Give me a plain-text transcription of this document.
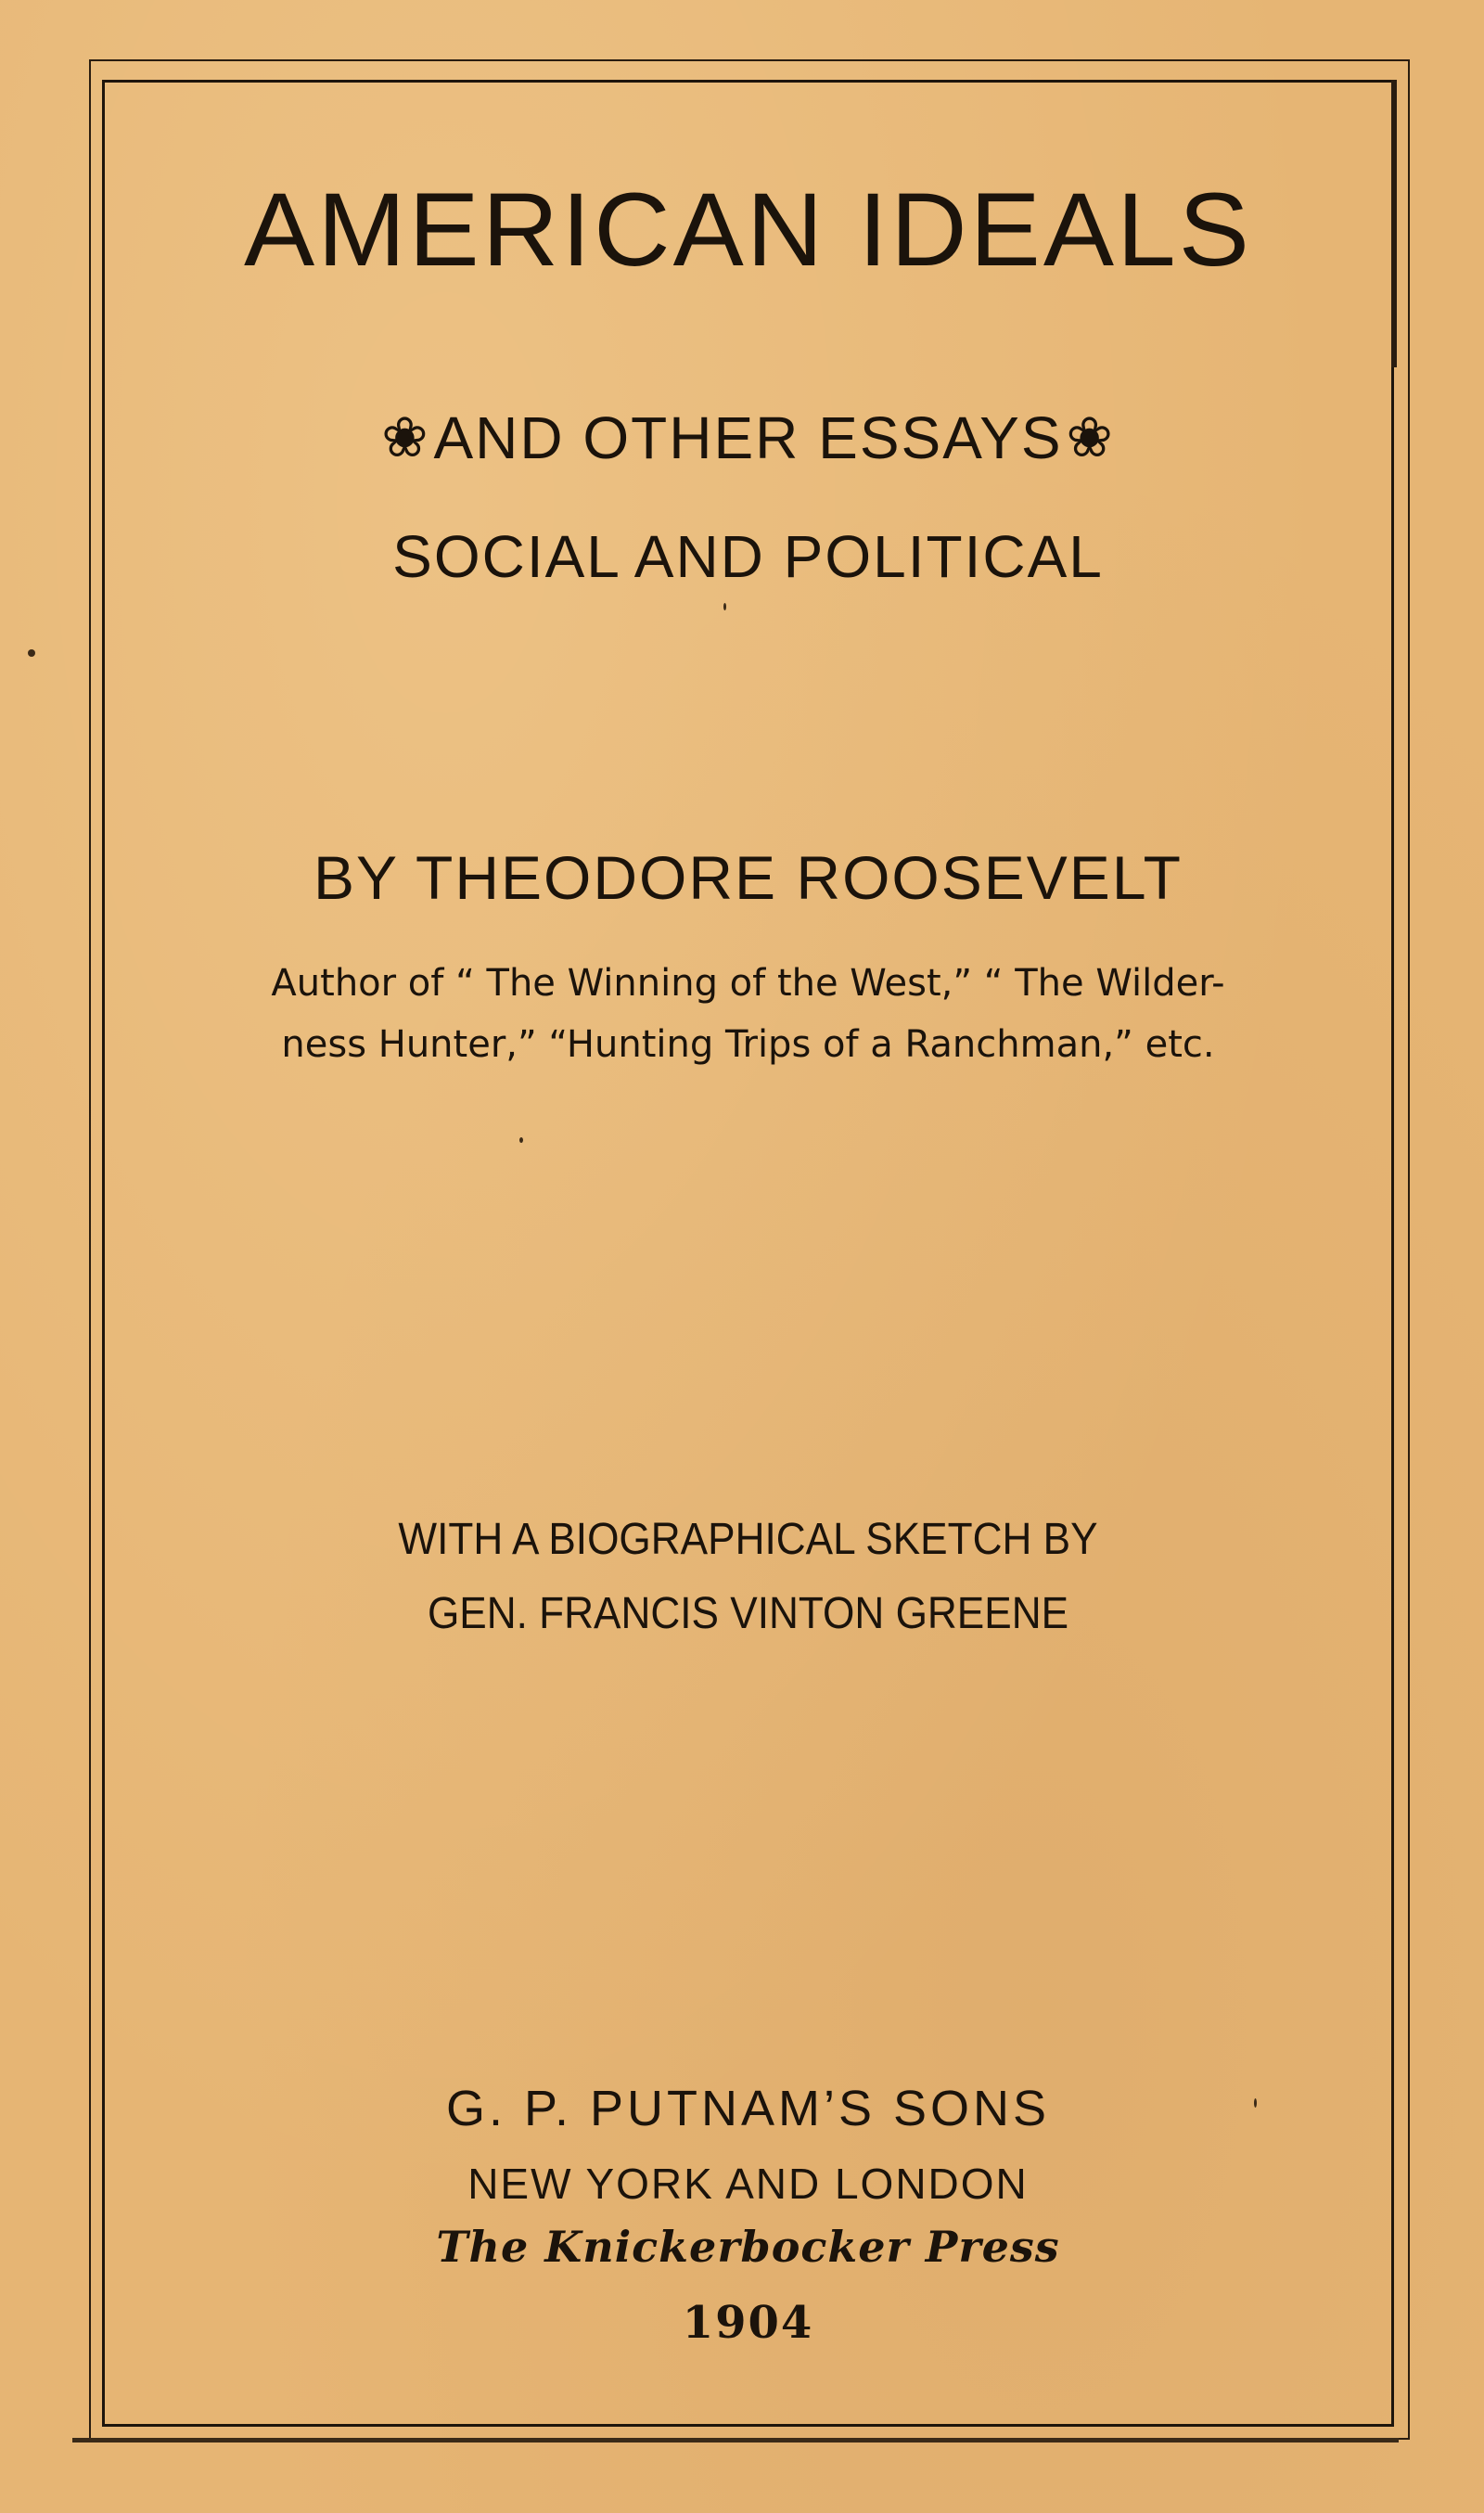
AMERICAN IDEALS
❀AND OTHER ESSAYS❀
SOCIAL AND POLITICAL
BY THEODORE ROOSEVELT
Author of “ The Winning of the West,” “ The Wilder-
ness Hunter,” “Hunting Trips of a Ranchman,” etc.
WITH A BIOGRAPHICAL SKETCH BY
GEN. FRANCIS VINTON GREENE
G. P. PUTNAM’S SONS
NEW YORK AND LONDON
The Knickerbocker Press
1904
